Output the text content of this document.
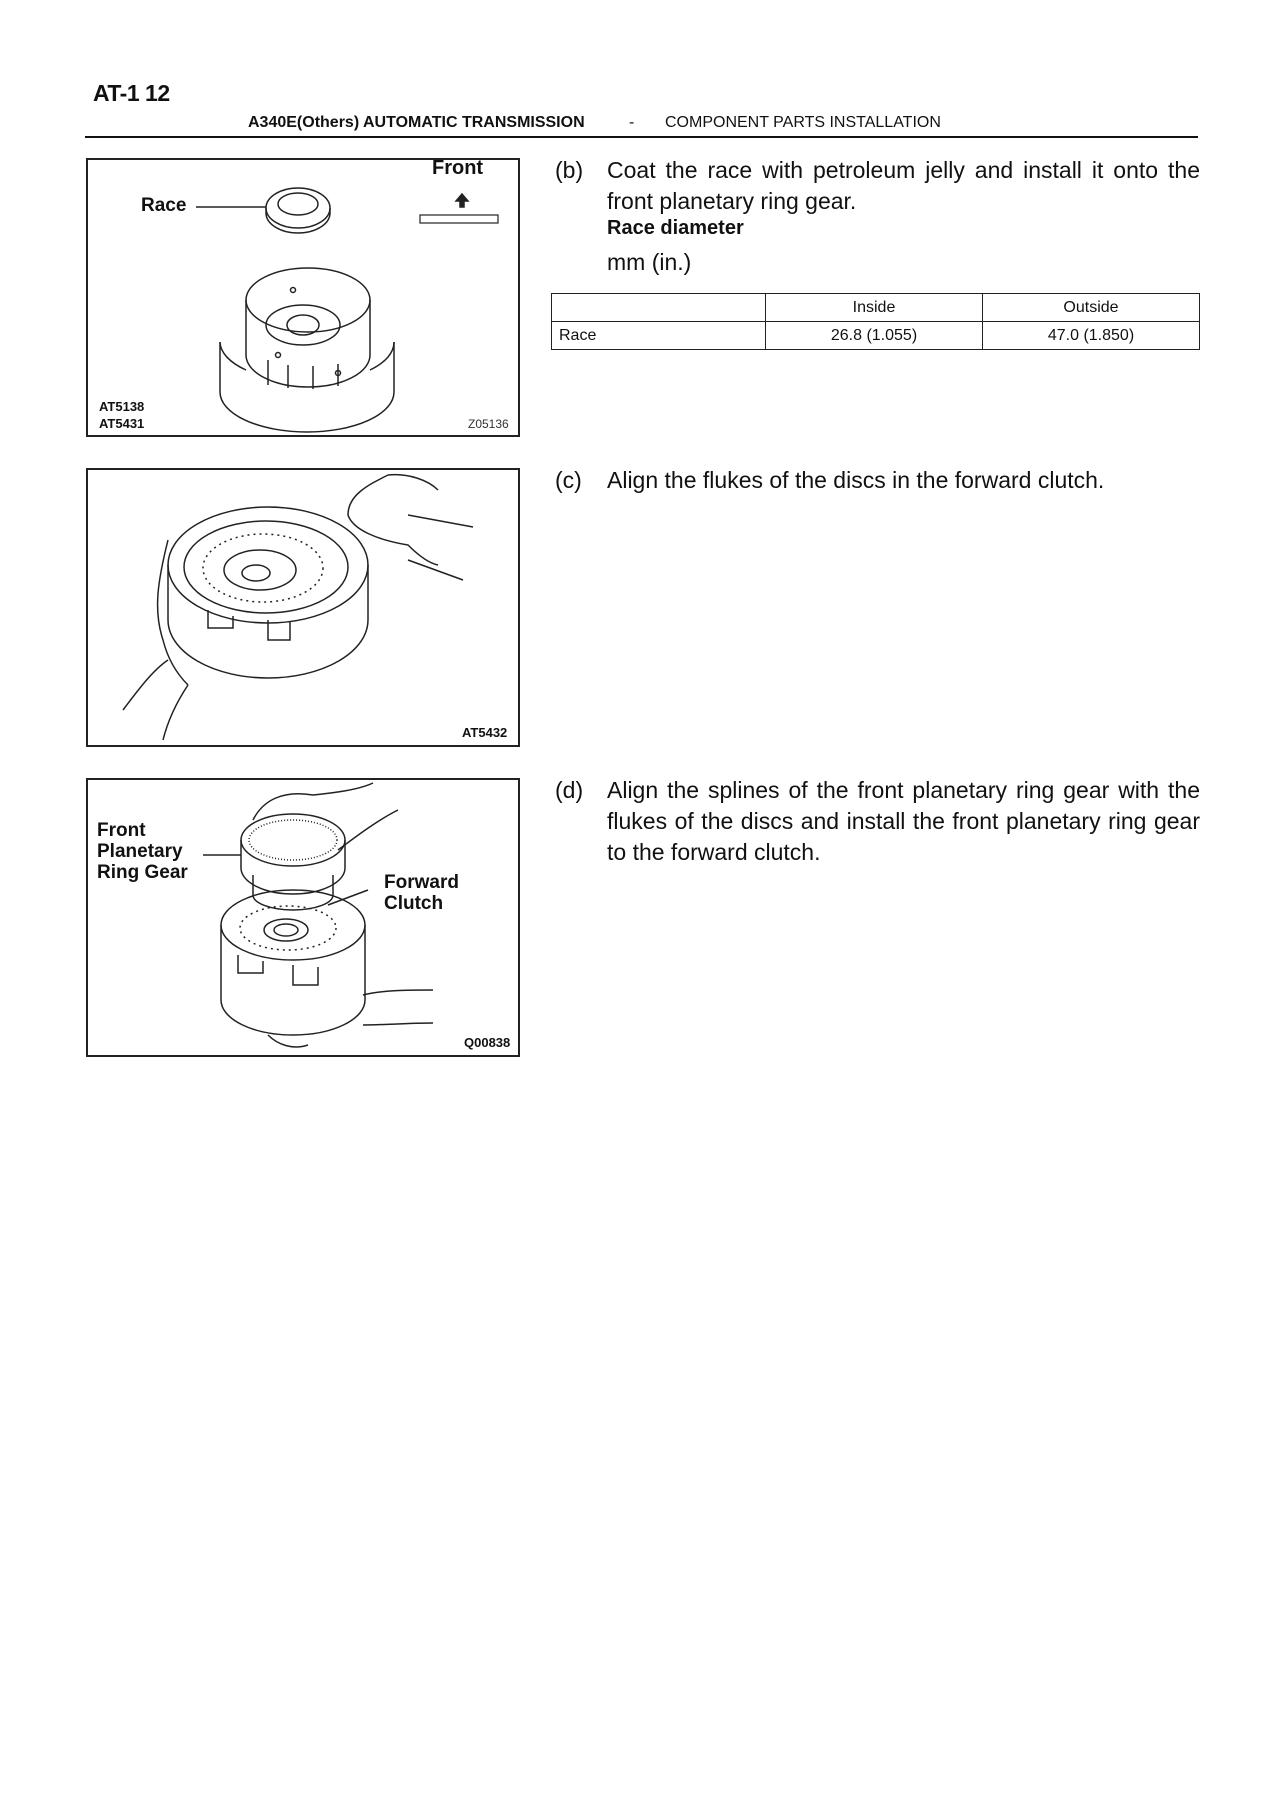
AT-1 12
A340E(Others) AUTOMATIC TRANSMISSION	- COMPONENT PARTS INSTALLATION
Race
Front
AT5138
AT5431	Z05136
(b) Coat the race with petroleum jelly and install it onto the front planetary ring gear.
Race diameter
mm (in.)
	Inside	Outside
Race	26.8 (1.055)	47.0 (1.850)
AT5432
(c) Align the flukes of the discs in the forward clutch.
Front
Planetary
Ring Gear	Forward
Clutch
Q00838
(d) Align the splines of the front planetary ring gear with the flukes of the discs and install the front planetary ring gear to the forward clutch.
